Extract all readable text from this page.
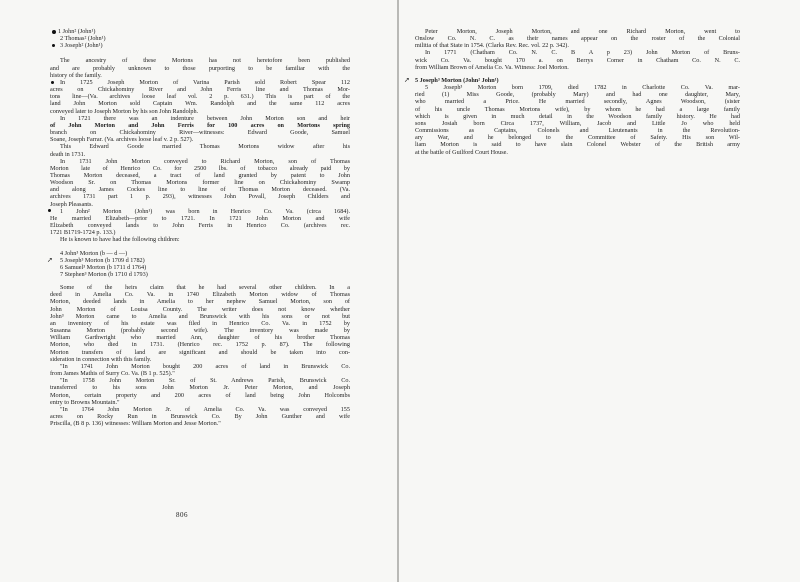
1 John² (John¹)
2 Thomas² (John¹)
3 Joseph² (John¹)
The ancestry of these Mortons has not heretofore been published
and are probably unknown to those purporting to be familiar with the
history of the family.
In 1725 Joseph Morton of Varina Parish sold Robert Spear 112
acres on Chickahominy River and John Ferris line and Thomas Mor-
tons line—(Va. archives loose leaf vol. 2 p. 631.) This is part of the
land John Morton sold Captain Wm. Randolph and the same 112 acres
conveyed later to Joseph Morton by his son John Randolph.
In 1721 there was an indenture between John Morton son and heir
of John Morton and John Ferris for 100 acres on Mortons spring
branch on Chickahominy River—witnesses: Edward Goode, Samuel
Soane, Joseph Farrar. (Va. archives loose leaf v. 2 p. 527).
This Edward Goode married Thomas Mortons widow after his
death in 1731.
In 1731 John Morton conveyed to Richard Morton, son of Thomas
Morton late of Henrico Co. for 2500 lbs. of tobacco already paid by
Thomas Morton deceased, a tract of land granted by patent to John
Woodson Sr. on Thomas Mortons former line on Chickahominy Swamp
and along James Cockes line to line of Thomas Morton deceased. (Va.
archives 1731 part 1 p. 293), witnesses John Povall, Joseph Childers and
Joseph Pleasants.
1 John² Morton (John¹) was born in Henrico Co. Va. (circa 1684).
He married Elizabeth—prior to 1721. In 1721 John Morton and wife
Elizabeth conveyed lands to John Ferris in Henrico Co. (archives rec.
1721 B1719-1724 p. 133.)
He is known to have had the following children:
4 John³ Morton (b — d —)
➚ 5 Joseph³ Morton (b 1709 d 1782)
6 Samuel³ Morton (b 1711 d 1764)
7 Stephen³ Morton (b 1710 d 1793)
Some of the heirs claim that he had several other children. In a
deed in Amelia Co. Va. in 1740 Elizabeth Morton widow of Thomas
Morton, deeded lands in Amelia to her nephew Samuel Morton, son of
John Morton of Louisa County. The writer does not know whether
John³ Morton came to Amelia and Brunswick with his sons or not but
an inventory of his estate was filed in Henrico Co. Va. in 1752 by
Susanna Morton (probably second wife). The inventory was made by
William Garthwright who married Ann, daughter of his brother Thomas
Morton, who died in 1731. (Henrico rec. 1752 p. 87). The following
Morton transfers of land are significant and should be taken into con-
sideration in connection with this family.
"In 1741 John Morton bought 200 acres of land in Brunswick Co.
from James Mathis of Surry Co. Va. (B 1 p. 525)."
"In 1758 John Morton Sr. of St. Andrews Parish, Brunswick Co.
transferred to his sons John Morton Jr. Peter Morton, and Joseph
Morton, certain property and 200 acres of land being John Holcombs
entry to Browns Mountain."
"In 1764 John Morton Jr. of Amelia Co. Va. was conveyed 155
acres on Rocky Run in Brunswick Co. By John Gunther and wife
Priscilla, (B 8 p. 136) witnesses: William Morton and Jesse Morton."
806
Peter Morton, Joseph Morton, and one Richard Morton, went to
Onslow Co. N. C. as their names appear on the roster of the Colonial
militia of that State in 1754. (Clarks Rev. Rec. vol. 22 p. 342).
In 1771 (Chatham Co. N. C. B A p 23) John Morton of Bruns-
wick Co. Va. bought 170 a. on Berrys Corner in Chatham Co. N. C.
from William Brown of Amelia Co. Va. Witness: Joel Morton.
➚ 5 Joseph³ Morton (John² John¹)
5 Joseph³ Morton born 1709, died 1782 in Charlotte Co. Va. mar-
ried (1) Miss Goode, (probably Mary) and had one daughter, Mary,
who married a Price. He married secondly, Agnes Woodson, (sister
of his uncle Thomas Mortons wife), by whom he had a large family
which is given in much detail in the Woodson family history. He had
sons Josiah born Circa 1737, William, Jacob and Little Jo who held
Commissions as Captains, Colonels and Lieutenants in the Revolution-
ary War, and he belonged to the Committee of Safety. His son Wil-
liam Morton is said to have slain Colonel Webster of the British army
at the battle of Guilford Court House.
